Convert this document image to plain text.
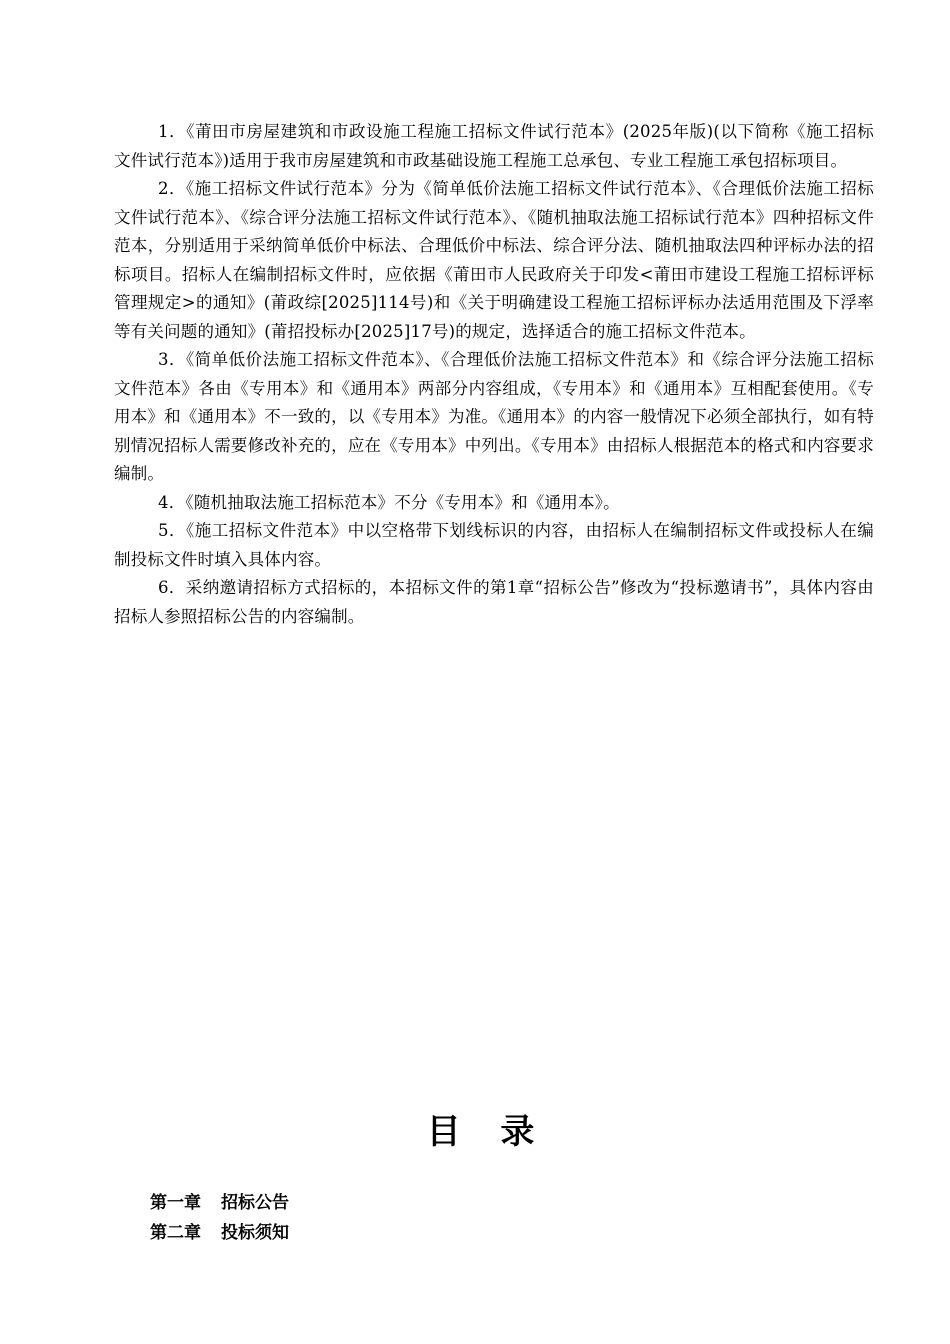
1．《莆田市房屋建筑和市政设施工程施工招标文件试行范本》(2025年版)(以下简称《施工招标文件试行范本》)适用于我市房屋建筑和市政基础设施工程施工总承包、专业工程施工承包招标项目。

2．《施工招标文件试行范本》分为《简单低价法施工招标文件试行范本》、《合理低价法施工招标文件试行范本》、《综合评分法施工招标文件试行范本》、《随机抽取法施工招标试行范本》四种招标文件范本，分别适用于采纳简单低价中标法、合理低价中标法、综合评分法、随机抽取法四种评标办法的招标项目。招标人在编制招标文件时，应依据《莆田市人民政府关于印发<莆田市建设工程施工招标评标管理规定>的通知》(莆政综[2025]114号)和《关于明确建设工程施工招标评标办法适用范围及下浮率等有关问题的通知》(莆招投标办[2025]17号)的规定，选择适合的施工招标文件范本。

3．《简单低价法施工招标文件范本》、《合理低价法施工招标文件范本》和《综合评分法施工招标文件范本》各由《专用本》和《通用本》两部分内容组成，《专用本》和《通用本》互相配套使用。《专用本》和《通用本》不一致的，以《专用本》为准。《通用本》的内容一般情况下必须全部执行，如有特别情况招标人需要修改补充的，应在《专用本》中列出。《专用本》由招标人根据范本的格式和内容要求编制。

4．《随机抽取法施工招标范本》不分《专用本》和《通用本》。

5．《施工招标文件范本》中以空格带下划线标识的内容，由招标人在编制招标文件或投标人在编制投标文件时填入具体内容。

6．采纳邀请招标方式招标的，本招标文件的第1章“招标公告”修改为“投标邀请书”，具体内容由招标人参照招标公告的内容编制。

目 录
第一章 招标公告
第二章 投标须知
